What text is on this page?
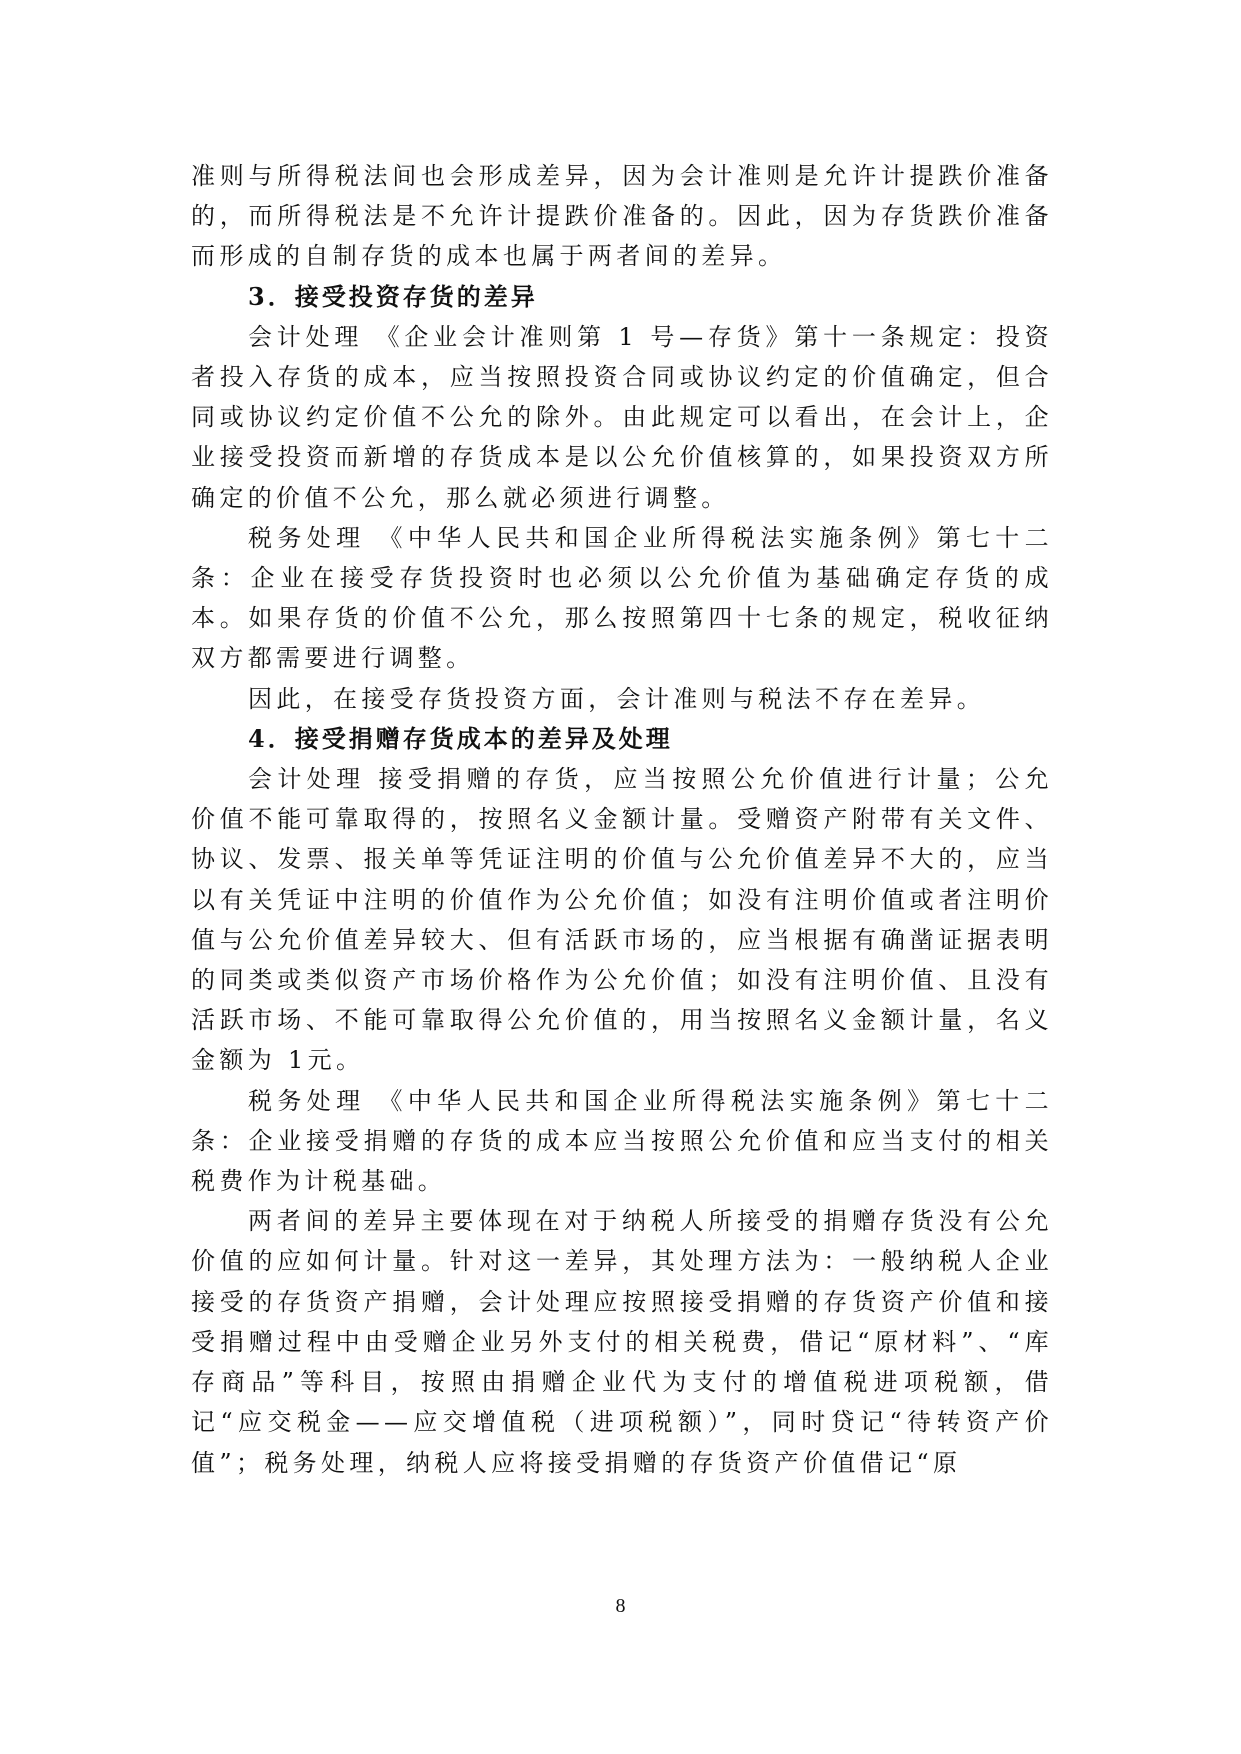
准则与所得税法间也会形成差异，因为会计准则是允许计提跌价准备的，而所得税法是不允许计提跌价准备的。因此，因为存货跌价准备而形成的自制存货的成本也属于两者间的差异。

3．接受投资存货的差异

会计处理 《企业会计准则第 1 号—存货》第十一条规定：投资者投入存货的成本，应当按照投资合同或协议约定的价值确定，但合同或协议约定价值不公允的除外。由此规定可以看出，在会计上，企业接受投资而新增的存货成本是以公允价值核算的，如果投资双方所确定的价值不公允，那么就必须进行调整。

税务处理 《中华人民共和国企业所得税法实施条例》第七十二条：企业在接受存货投资时也必须以公允价值为基础确定存货的成本。如果存货的价值不公允，那么按照第四十七条的规定，税收征纳双方都需要进行调整。

因此，在接受存货投资方面，会计准则与税法不存在差异。

4．接受捐赠存货成本的差异及处理

会计处理 接受捐赠的存货，应当按照公允价值进行计量；公允价值不能可靠取得的，按照名义金额计量。受赠资产附带有关文件、协议、发票、报关单等凭证注明的价值与公允价值差异不大的，应当以有关凭证中注明的价值作为公允价值；如没有注明价值或者注明价值与公允价值差异较大、但有活跃市场的，应当根据有确凿证据表明的同类或类似资产市场价格作为公允价值；如没有注明价值、且没有活跃市场、不能可靠取得公允价值的，用当按照名义金额计量，名义金额为 1元。

税务处理 《中华人民共和国企业所得税法实施条例》第七十二条：企业接受捐赠的存货的成本应当按照公允价值和应当支付的相关税费作为计税基础。

两者间的差异主要体现在对于纳税人所接受的捐赠存货没有公允价值的应如何计量。针对这一差异，其处理方法为：一般纳税人企业接受的存货资产捐赠，会计处理应按照接受捐赠的存货资产价值和接受捐赠过程中由受赠企业另外支付的相关税费，借记“原材料”、“库存商品”等科目，按照由捐赠企业代为支付的增值税进项税额，借记“应交税金——应交增值税（进项税额）”，同时贷记“待转资产价值”；税务处理，纳税人应将接受捐赠的存货资产价值借记“原

8
